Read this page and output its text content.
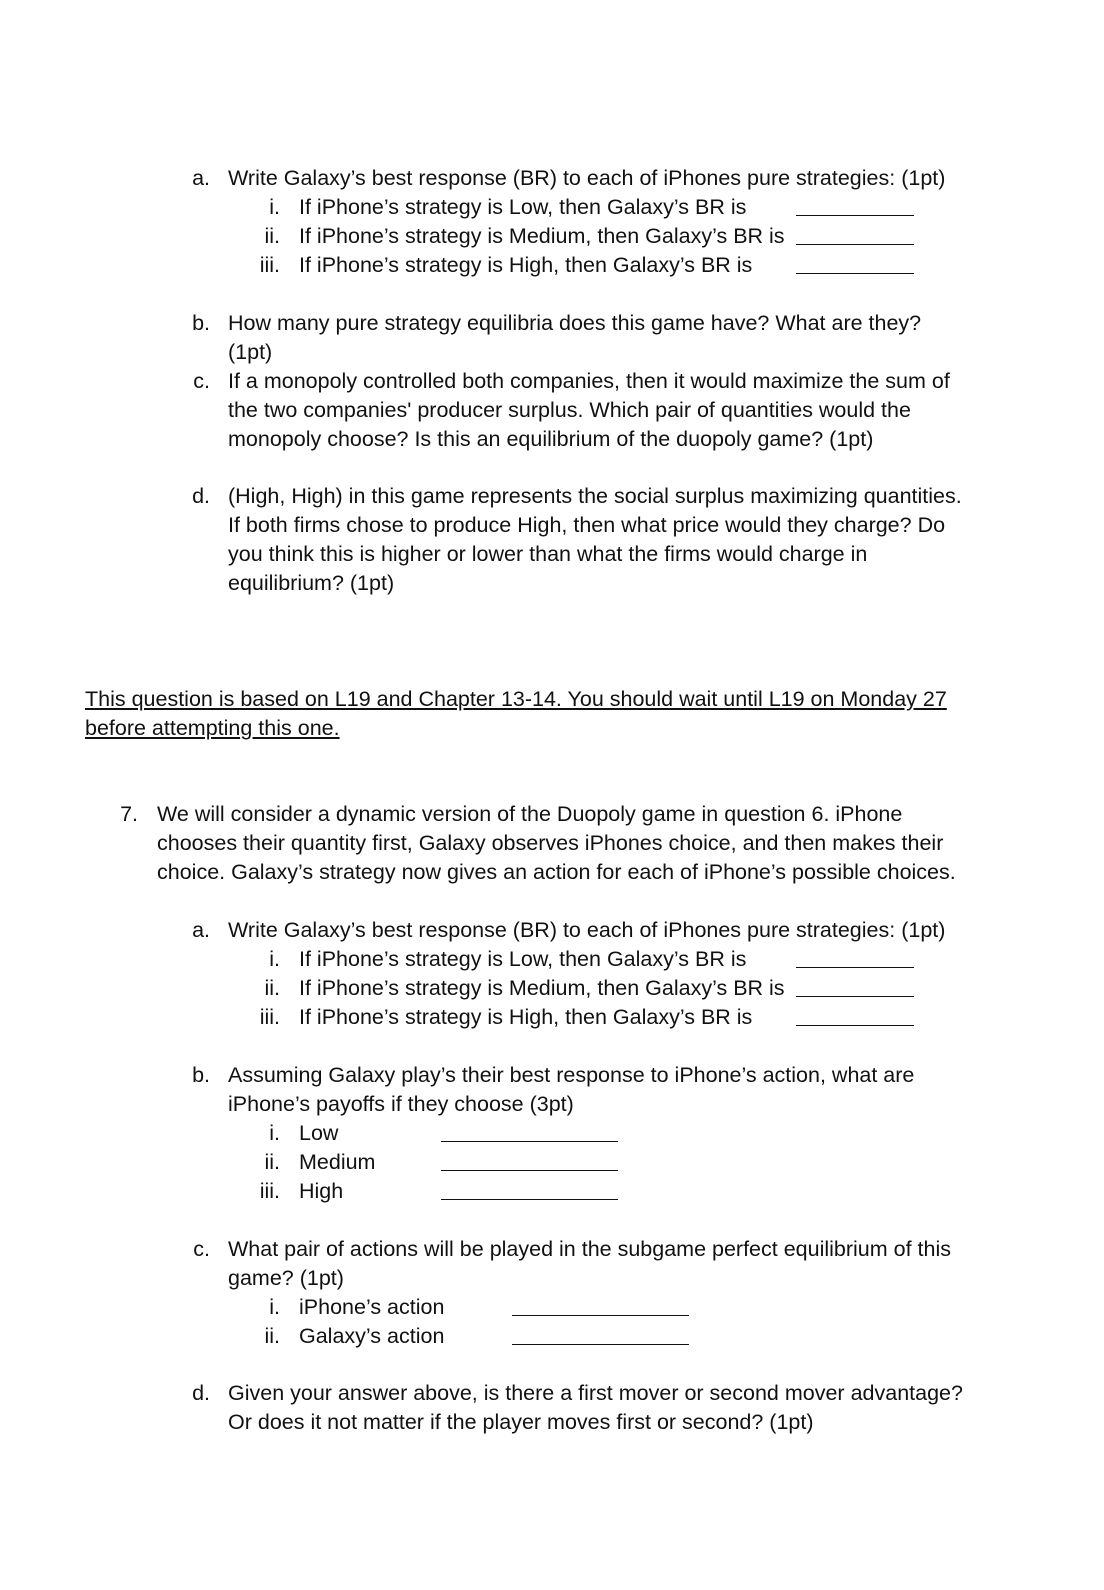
a. Write Galaxy’s best response (BR) to each of iPhones pure strategies: (1pt)
i. If iPhone’s strategy is Low, then Galaxy’s BR is
ii. If iPhone’s strategy is Medium, then Galaxy’s BR is
iii. If iPhone’s strategy is High, then Galaxy’s BR is
b. How many pure strategy equilibria does this game have? What are they?
(1pt)
c. If a monopoly controlled both companies, then it would maximize the sum of
the two companies' producer surplus. Which pair of quantities would the
monopoly choose? Is this an equilibrium of the duopoly game? (1pt)
d. (High, High) in this game represents the social surplus maximizing quantities.
If both firms chose to produce High, then what price would they charge? Do
you think this is higher or lower than what the firms would charge in
equilibrium? (1pt)
This question is based on L19 and Chapter 13-14. You should wait until L19 on Monday 27
before attempting this one.
7. We will consider a dynamic version of the Duopoly game in question 6. iPhone
chooses their quantity first, Galaxy observes iPhones choice, and then makes their
choice. Galaxy’s strategy now gives an action for each of iPhone’s possible choices.
a. Write Galaxy’s best response (BR) to each of iPhones pure strategies: (1pt)
i. If iPhone’s strategy is Low, then Galaxy’s BR is
ii. If iPhone’s strategy is Medium, then Galaxy’s BR is
iii. If iPhone’s strategy is High, then Galaxy’s BR is
b. Assuming Galaxy play’s their best response to iPhone’s action, what are
iPhone’s payoffs if they choose (3pt)
i. Low
ii. Medium
iii. High
c. What pair of actions will be played in the subgame perfect equilibrium of this
game? (1pt)
i. iPhone’s action
ii. Galaxy’s action
d. Given your answer above, is there a first mover or second mover advantage?
Or does it not matter if the player moves first or second? (1pt)
